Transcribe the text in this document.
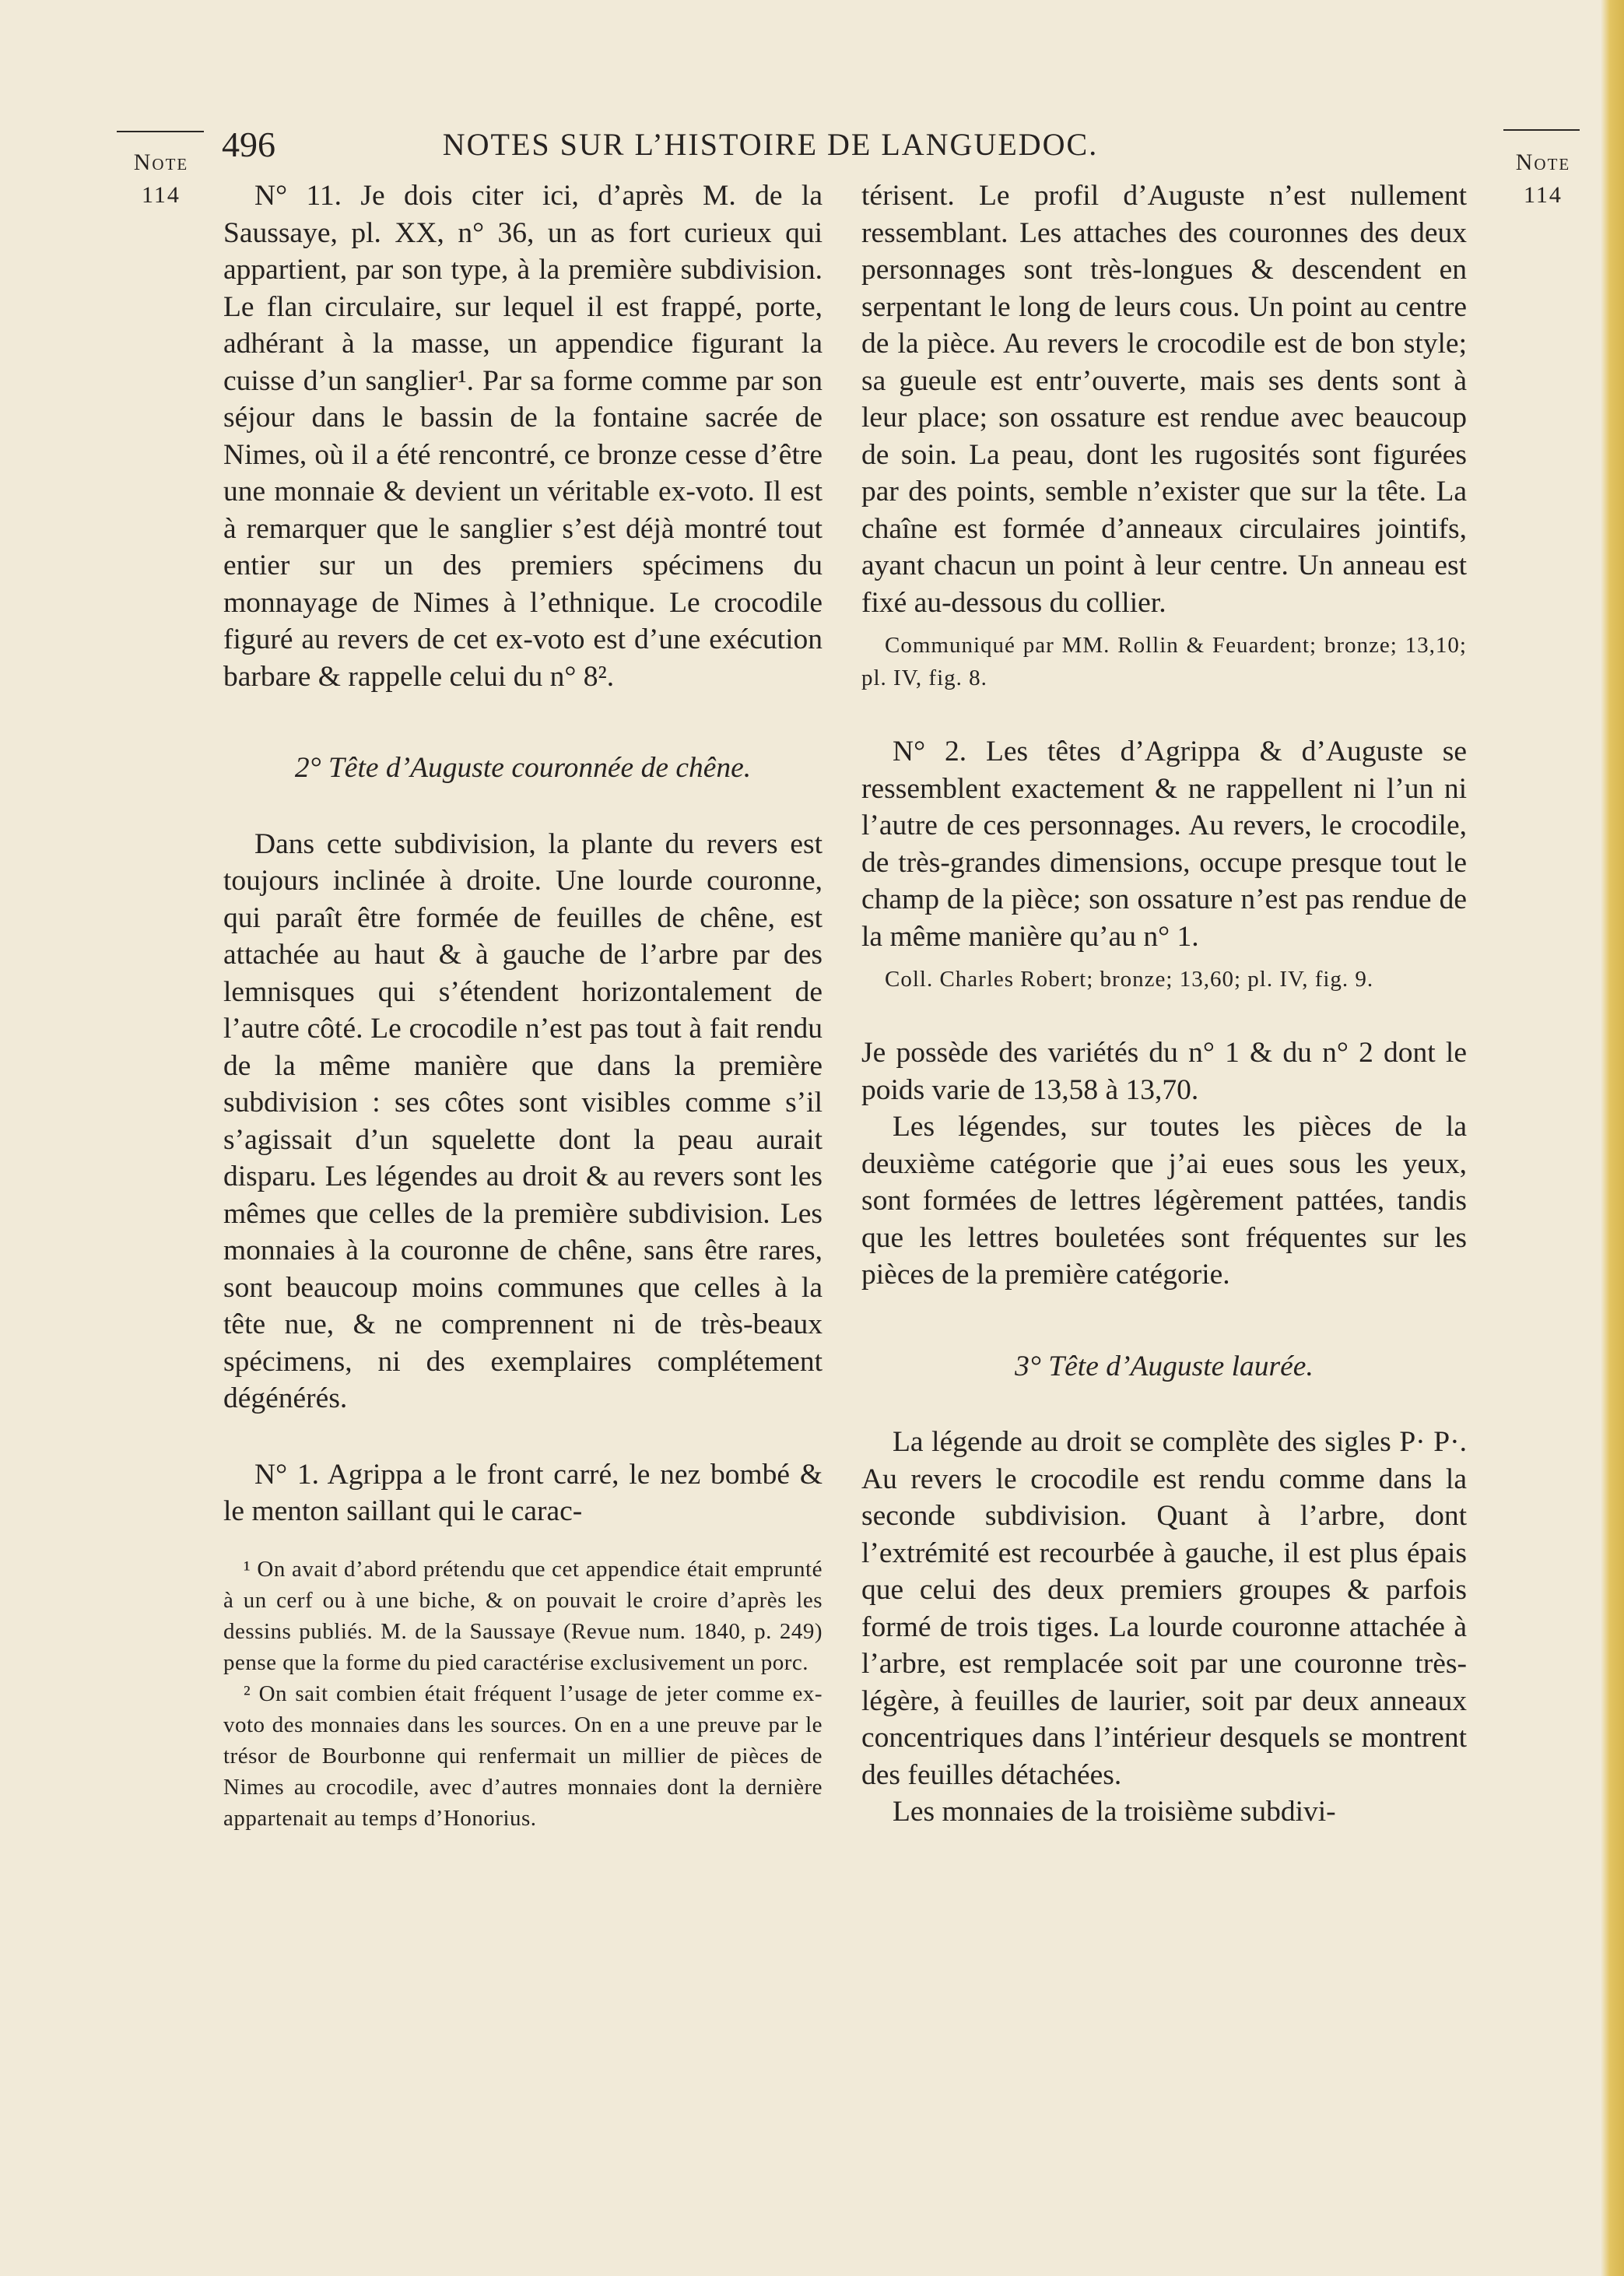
Note
114
Note
114
496	NOTES SUR L’HISTOIRE DE LANGUEDOC.

N° 11. Je dois citer ici, d’après M. de la Saussaye, pl. XX, n° 36, un as fort curieux qui appartient, par son type, à la première subdivision. Le flan circulaire, sur lequel il est frappé, porte, adhérant à la masse, un appendice figurant la cuisse d’un sanglier¹. Par sa forme comme par son séjour dans le bassin de la fontaine sacrée de Nimes, où il a été rencontré, ce bronze cesse d’être une monnaie & devient un véritable ex-voto. Il est à remarquer que le sanglier s’est déjà montré tout entier sur un des premiers spécimens du monnayage de Nimes à l’ethnique. Le crocodile figuré au revers de cet ex-voto est d’une exécution barbare & rappelle celui du n° 8².

2° Tête d’Auguste couronnée de chêne.

Dans cette subdivision, la plante du revers est toujours inclinée à droite. Une lourde couronne, qui paraît être formée de feuilles de chêne, est attachée au haut & à gauche de l’arbre par des lemnisques qui s’étendent horizontalement de l’autre côté. Le crocodile n’est pas tout à fait rendu de la même manière que dans la première subdivision : ses côtes sont visibles comme s’il s’agissait d’un squelette dont la peau aurait disparu. Les légendes au droit & au revers sont les mêmes que celles de la première subdivision. Les monnaies à la couronne de chêne, sans être rares, sont beaucoup moins communes que celles à la tête nue, & ne comprennent ni de très-beaux spécimens, ni des exemplaires complétement dégénérés.

N° 1. Agrippa a le front carré, le nez bombé & le menton saillant qui le carac-

¹ On avait d’abord prétendu que cet appendice était emprunté à un cerf ou à une biche, & on pouvait le croire d’après les dessins publiés. M. de la Saussaye (Revue num. 1840, p. 249) pense que la forme du pied caractérise exclusivement un porc.

² On sait combien était fréquent l’usage de jeter comme ex-voto des monnaies dans les sources. On en a une preuve par le trésor de Bourbonne qui renfermait un millier de pièces de Nimes au crocodile, avec d’autres monnaies dont la dernière appartenait au temps d’Honorius.

térisent. Le profil d’Auguste n’est nullement ressemblant. Les attaches des couronnes des deux personnages sont très-longues & descendent en serpentant le long de leurs cous. Un point au centre de la pièce. Au revers le crocodile est de bon style; sa gueule est entr’ouverte, mais ses dents sont à leur place; son ossature est rendue avec beaucoup de soin. La peau, dont les rugosités sont figurées par des points, semble n’exister que sur la tête. La chaîne est formée d’anneaux circulaires jointifs, ayant chacun un point à leur centre. Un anneau est fixé au-dessous du collier.

Communiqué par MM. Rollin & Feuardent; bronze; 13,10; pl. IV, fig. 8.

N° 2. Les têtes d’Agrippa & d’Auguste se ressemblent exactement & ne rappellent ni l’un ni l’autre de ces personnages. Au revers, le crocodile, de très-grandes dimensions, occupe presque tout le champ de la pièce; son ossature n’est pas rendue de la même manière qu’au n° 1.

Coll. Charles Robert; bronze; 13,60; pl. IV, fig. 9.

Je possède des variétés du n° 1 & du n° 2 dont le poids varie de 13,58 à 13,70.

Les légendes, sur toutes les pièces de la deuxième catégorie que j’ai eues sous les yeux, sont formées de lettres légèrement pattées, tandis que les lettres bouletées sont fréquentes sur les pièces de la première catégorie.

3° Tête d’Auguste laurée.

La légende au droit se complète des sigles P· P·. Au revers le crocodile est rendu comme dans la seconde subdivision. Quant à l’arbre, dont l’extrémité est recourbée à gauche, il est plus épais que celui des deux premiers groupes & parfois formé de trois tiges. La lourde couronne attachée à l’arbre, est remplacée soit par une couronne très-légère, à feuilles de laurier, soit par deux anneaux concentriques dans l’intérieur desquels se montrent des feuilles détachées.

Les monnaies de la troisième subdivi-
